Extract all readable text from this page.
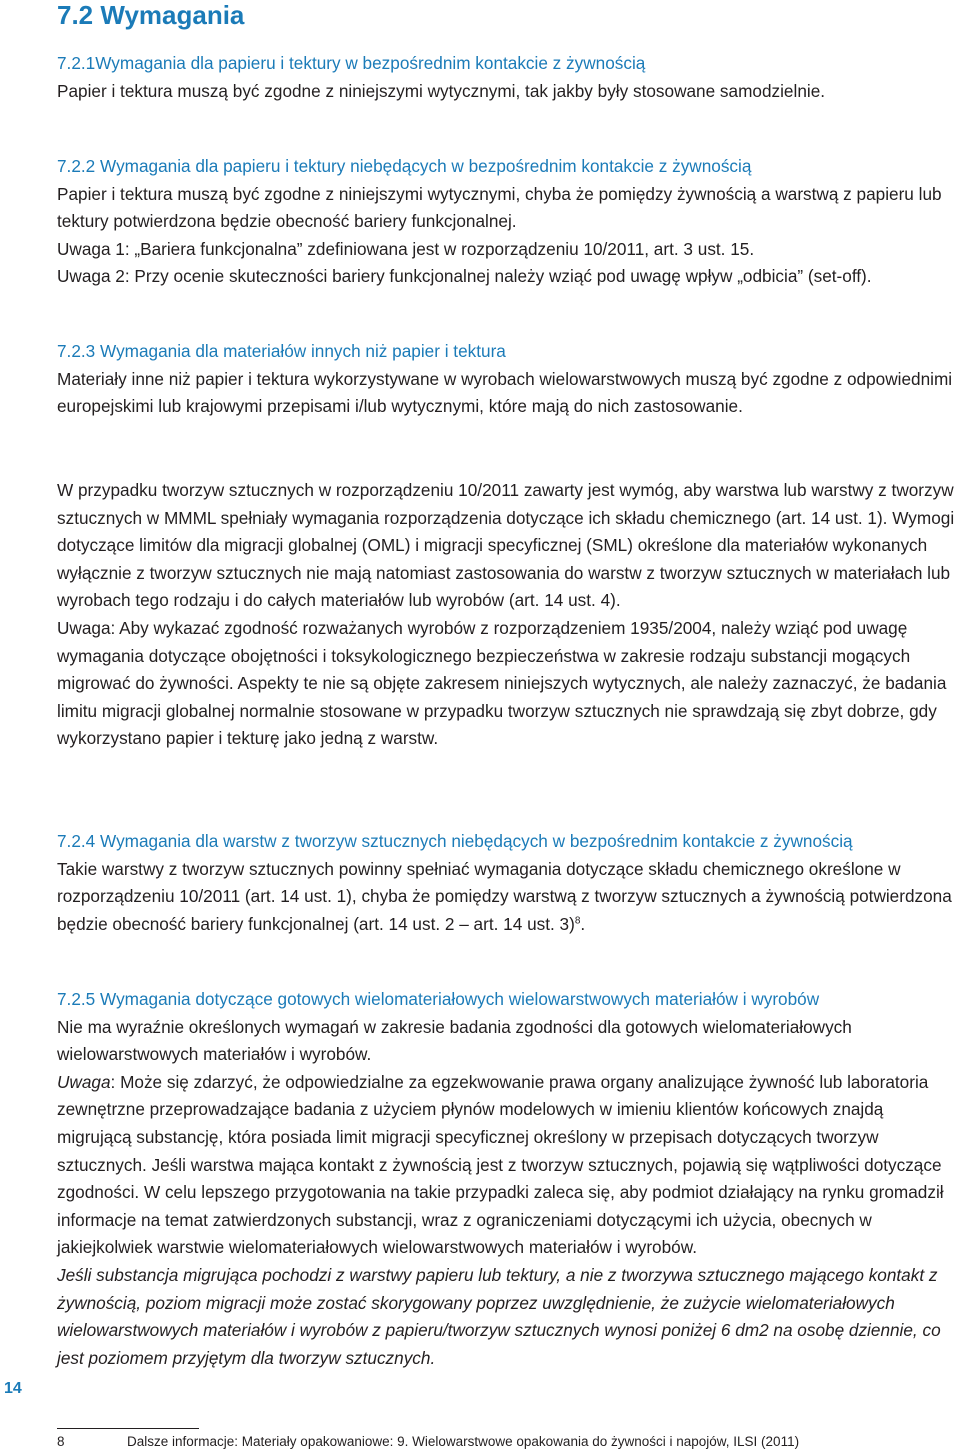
7.2 Wymagania
7.2.1Wymagania dla papieru i tektury w bezpośrednim kontakcie z żywnością

Papier i tektura muszą być zgodne z niniejszymi wytycznymi, tak jakby były stosowane samodzielnie.

7.2.2 Wymagania dla papieru i tektury niebędących w bezpośrednim kontakcie z żywnością

Papier i tektura muszą być zgodne z niniejszymi wytycznymi, chyba że pomiędzy żywnością a warstwą z papieru lub tektury potwierdzona będzie obecność bariery funkcjonalnej.

Uwaga 1: „Bariera funkcjonalna” zdefiniowana jest w rozporządzeniu 10/2011, art. 3 ust. 15.

Uwaga 2: Przy ocenie skuteczności bariery funkcjonalnej należy wziąć pod uwagę wpływ „odbicia” (set-off).

7.2.3 Wymagania dla materiałów innych niż papier i tektura

Materiały inne niż papier i tektura wykorzystywane w wyrobach wielowarstwowych muszą być zgodne z odpowiednimi europejskimi lub krajowymi przepisami i/lub wytycznymi, które mają do nich zastosowanie.

W przypadku tworzyw sztucznych w rozporządzeniu 10/2011 zawarty jest wymóg, aby warstwa lub warstwy z tworzyw sztucznych w MMML spełniały wymagania rozporządzenia dotyczące ich składu chemicznego (art. 14 ust. 1). Wymogi dotyczące limitów dla migracji globalnej (OML) i migracji specyficznej (SML) określone dla materiałów wykonanych wyłącznie z tworzyw sztucznych nie mają natomiast zastosowania do warstw z tworzyw sztucznych w materiałach lub wyrobach tego rodzaju i do całych materiałów lub wyrobów (art. 14 ust. 4).

Uwaga: Aby wykazać zgodność rozważanych wyrobów z rozporządzeniem 1935/2004, należy wziąć pod uwagę wymagania dotyczące obojętności i toksykologicznego bezpieczeństwa w zakresie rodzaju substancji mogących migrować do żywności. Aspekty te nie są objęte zakresem niniejszych wytycznych, ale należy zaznaczyć, że badania limitu migracji globalnej normalnie stosowane w przypadku tworzyw sztucznych nie sprawdzają się zbyt dobrze, gdy wykorzystano papier i tekturę jako jedną z warstw.

7.2.4 Wymagania dla warstw z tworzyw sztucznych niebędących w bezpośrednim kontakcie z żywnością

Takie warstwy z tworzyw sztucznych powinny spełniać wymagania dotyczące składu chemicznego określone w rozporządzeniu 10/2011 (art. 14 ust. 1), chyba że pomiędzy warstwą z tworzyw sztucznych a żywnością potwierdzona będzie obecność bariery funkcjonalnej (art. 14 ust. 2 – art. 14 ust. 3)$^8$.

7.2.5 Wymagania dotyczące gotowych wielomateriałowych wielowarstwowych materiałów i wyrobów

Nie ma wyraźnie określonych wymagań w zakresie badania zgodności dla gotowych wielomateriałowych wielowarstwowych materiałów i wyrobów.

Uwaga: Może się zdarzyć, że odpowiedzialne za egzekwowanie prawa organy analizujące żywność lub laboratoria zewnętrzne przeprowadzające badania z użyciem płynów modelowych w imieniu klientów końcowych znajdą migrującą substancję, która posiada limit migracji specyficznej określony w przepisach dotyczących tworzyw sztucznych. Jeśli warstwa mająca kontakt z żywnością jest z tworzyw sztucznych, pojawią się wątpliwości dotyczące zgodności. W celu lepszego przygotowania na takie przypadki zaleca się, aby podmiot działający na rynku gromadził informacje na temat zatwierdzonych substancji, wraz z ograniczeniami dotyczącymi ich użycia, obecnych w jakiejkolwiek warstwie wielomateriałowych wielowarstwowych materiałów i wyrobów.

Jeśli substancja migrująca pochodzi z warstwy papieru lub tektury, a nie z tworzywa sztucznego mającego kontakt z żywnością, poziom migracji może zostać skorygowany poprzez uwzględnienie, że zużycie wielomateriałowych wielowarstwowych materiałów i wyrobów z papieru/tworzyw sztucznych wynosi poniżej 6 dm2 na osobę dziennie, co jest poziomem przyjętym dla tworzyw sztucznych.

14
8	Dalsze informacje: Materiały opakowaniowe: 9. Wielowarstwowe opakowania do żywności i napojów, ILSI (2011)
